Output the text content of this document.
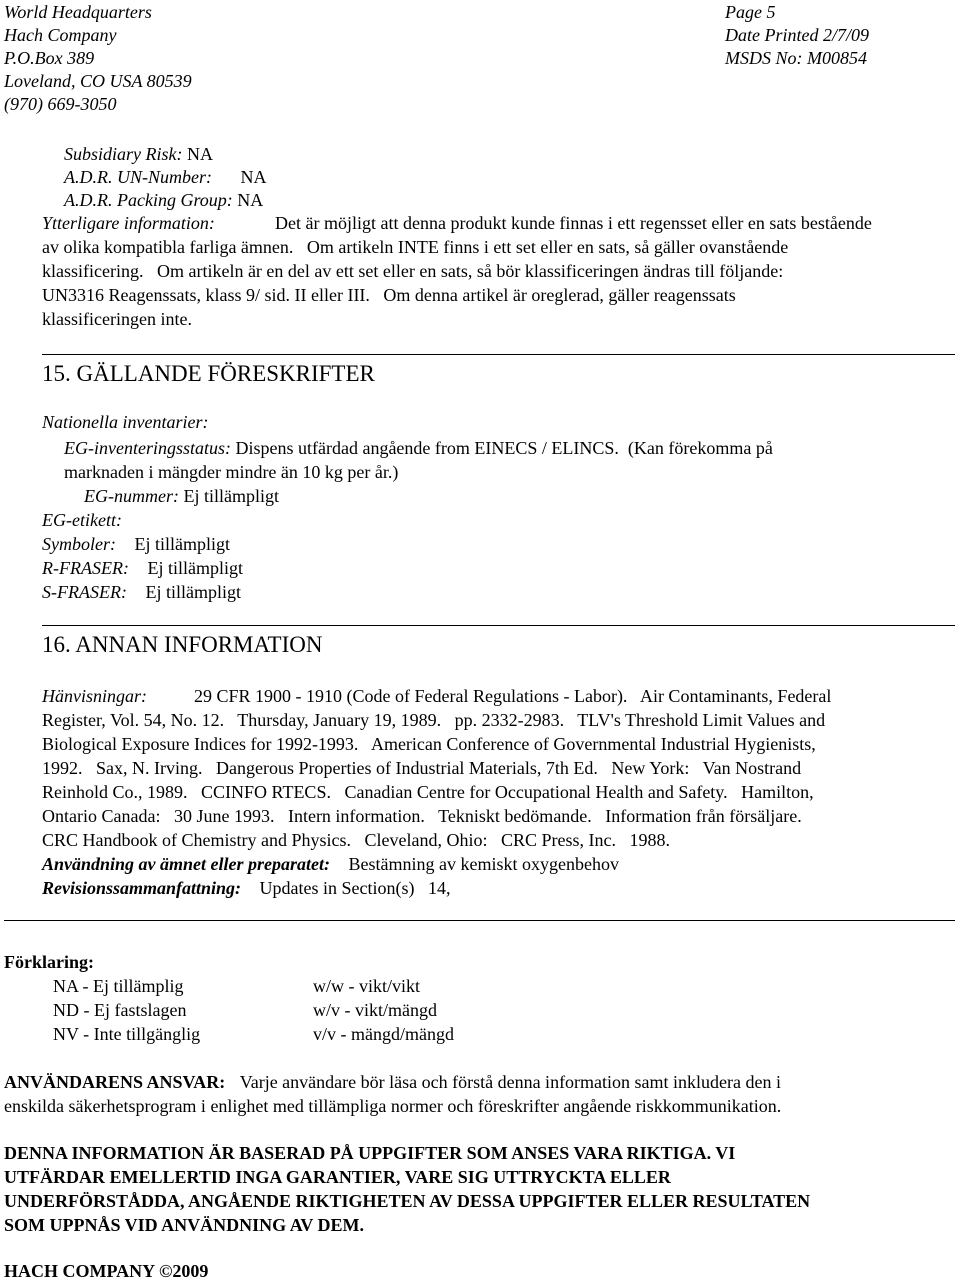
World Headquarters
Hach Company
P.O.Box 389
Loveland, CO USA 80539
(970) 669-3050
Page 5
Date Printed 2/7/09
MSDS No: M00854
Subsidiary Risk: NA
A.D.R. UN-Number: NA
A.D.R. Packing Group: NA
Ytterligare information:	Det är möjligt att denna produkt kunde finnas i ett regensset eller en sats bestående
av olika kompatibla farliga ämnen.   Om artikeln INTE finns i ett set eller en sats, så gäller ovanstående
klassificering.   Om artikeln är en del av ett set eller en sats, så bör klassificeringen ändras till följande:
UN3316 Reagenssats, klass 9/ sid. II eller III.   Om denna artikel är oreglerad, gäller reagenssats
klassificeringen inte.
15. GÄLLANDE FÖRESKRIFTER
Nationella inventarier:
EG-inventeringsstatus: Dispens utfärdad angående from EINECS / ELINCS.  (Kan förekomma på
marknaden i mängder mindre än 10 kg per år.)
EG-nummer: Ej tillämpligt
EG-etikett:
Symboler: Ej tillämpligt
R-FRASER: Ej tillämpligt
S-FRASER: Ej tillämpligt
16. ANNAN INFORMATION
Hänvisningar:	29 CFR 1900 - 1910 (Code of Federal Regulations - Labor).   Air Contaminants, Federal
Register, Vol. 54, No. 12.   Thursday, January 19, 1989.   pp. 2332-2983.   TLV's Threshold Limit Values and
Biological Exposure Indices for 1992-1993.   American Conference of Governmental Industrial Hygienists,
1992.   Sax, N. Irving.   Dangerous Properties of Industrial Materials, 7th Ed.   New York:   Van Nostrand
Reinhold Co., 1989.   CCINFO RTECS.   Canadian Centre for Occupational Health and Safety.   Hamilton,
Ontario Canada:   30 June 1993.   Intern information.   Tekniskt bedömande.   Information från försäljare.
CRC Handbook of Chemistry and Physics.   Cleveland, Ohio:   CRC Press, Inc.   1988.
Användning av ämnet eller preparatet: Bestämning av kemiskt oxygenbehov
Revisionssammanfattning: Updates in Section(s)   14,
Förklaring:
NA - Ej tillämplig
ND - Ej fastslagen
NV - Inte tillgänglig
w/w - vikt/vikt
w/v - vikt/mängd
v/v - mängd/mängd
ANVÄNDARENS ANSVAR: Varje användare bör läsa och förstå denna information samt inkludera den i
enskilda säkerhetsprogram i enlighet med tillämpliga normer och föreskrifter angående riskkommunikation.
DENNA INFORMATION ÄR BASERAD PÅ UPPGIFTER SOM ANSES VARA RIKTIGA. VI
UTFÄRDAR EMELLERTID INGA GARANTIER, VARE SIG UTTRYCKTA ELLER
UNDERFÖRSTÅDDA, ANGÅENDE RIKTIGHETEN AV DESSA UPPGIFTER ELLER RESULTATEN
SOM UPPNÅS VID ANVÄNDNING AV DEM.
HACH COMPANY ©2009
